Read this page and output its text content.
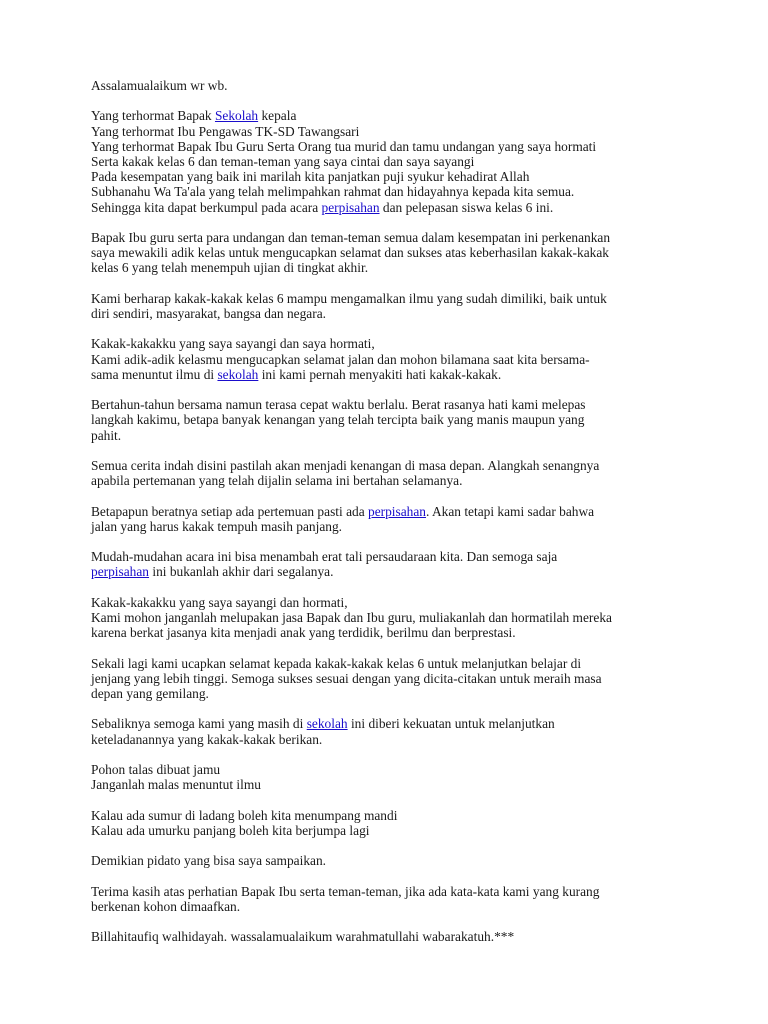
Assalamualaikum wr wb.
Yang terhormat Bapak Sekolah kepala
Yang terhormat Ibu Pengawas TK-SD Tawangsari
Yang terhormat Bapak Ibu Guru Serta Orang tua murid dan tamu undangan yang saya hormati
Serta kakak kelas 6 dan teman-teman yang saya cintai dan saya sayangi
Pada kesempatan yang baik ini marilah kita panjatkan puji syukur kehadirat Allah
Subhanahu Wa Ta'ala yang telah melimpahkan rahmat dan hidayahnya kepada kita semua.
Sehingga kita dapat berkumpul pada acara perpisahan dan pelepasan siswa kelas 6 ini.
Bapak Ibu guru serta para undangan dan teman-teman semua dalam kesempatan ini perkenankan
saya mewakili adik kelas untuk mengucapkan selamat dan sukses atas keberhasilan kakak-kakak
kelas 6 yang telah menempuh ujian di tingkat akhir.
Kami berharap kakak-kakak kelas 6 mampu mengamalkan ilmu yang sudah dimiliki, baik untuk
diri sendiri, masyarakat, bangsa dan negara.
Kakak-kakakku yang saya sayangi dan saya hormati,
Kami adik-adik kelasmu mengucapkan selamat jalan dan mohon bilamana saat kita bersama-
sama menuntut ilmu di sekolah ini kami pernah menyakiti hati kakak-kakak.
Bertahun-tahun bersama namun terasa cepat waktu berlalu. Berat rasanya hati kami melepas
langkah kakimu, betapa banyak kenangan yang telah tercipta baik yang manis maupun yang
pahit.
Semua cerita indah disini pastilah akan menjadi kenangan di masa depan. Alangkah senangnya
apabila pertemanan yang telah dijalin selama ini bertahan selamanya.
Betapapun beratnya setiap ada pertemuan pasti ada perpisahan. Akan tetapi kami sadar bahwa
jalan yang harus kakak tempuh masih panjang.
Mudah-mudahan acara ini bisa menambah erat tali persaudaraan kita. Dan semoga saja
perpisahan ini bukanlah akhir dari segalanya.
Kakak-kakakku yang saya sayangi dan hormati,
Kami mohon janganlah melupakan jasa Bapak dan Ibu guru, muliakanlah dan hormatilah mereka
karena berkat jasanya kita menjadi anak yang terdidik, berilmu dan berprestasi.
Sekali lagi kami ucapkan selamat kepada kakak-kakak kelas 6 untuk melanjutkan belajar di
jenjang yang lebih tinggi. Semoga sukses sesuai dengan yang dicita-citakan untuk meraih masa
depan yang gemilang.
Sebaliknya semoga kami yang masih di sekolah ini diberi kekuatan untuk melanjutkan
keteladanannya yang kakak-kakak berikan.
Pohon talas dibuat jamu
Janganlah malas menuntut ilmu
Kalau ada sumur di ladang boleh kita menumpang mandi
Kalau ada umurku panjang boleh kita berjumpa lagi
Demikian pidato yang bisa saya sampaikan.
Terima kasih atas perhatian Bapak Ibu serta teman-teman, jika ada kata-kata kami yang kurang
berkenan kohon dimaafkan.
Billahitaufiq walhidayah. wassalamualaikum warahmatullahi wabarakatuh.***
